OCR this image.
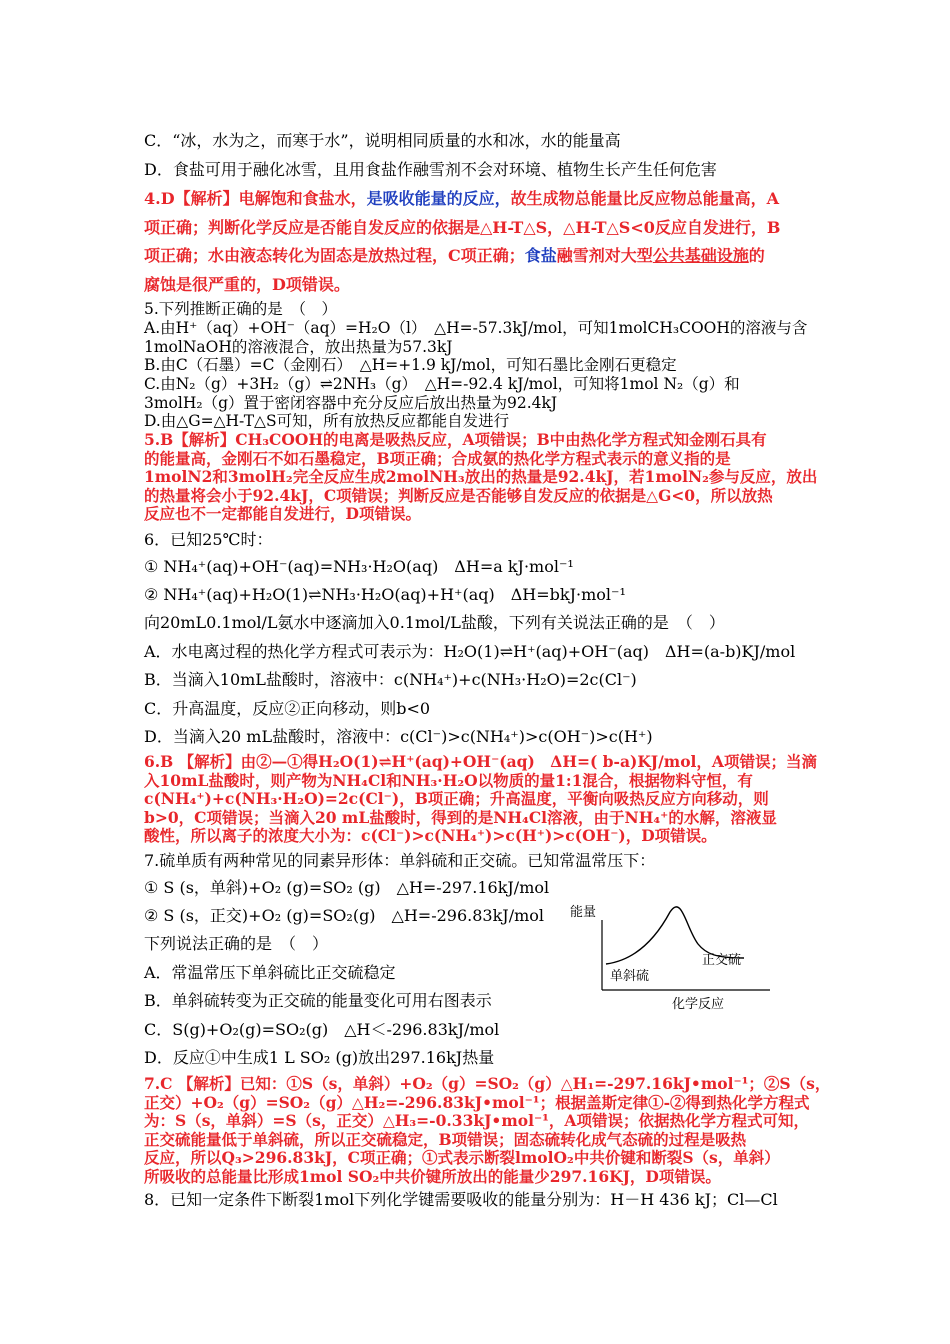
C．“冰，水为之，而寒于水”，说明相同质量的水和冰，水的能量高
D．食盐可用于融化冰雪，且用食盐作融雪剂不会对环境、植物生长产生任何危害
4.D【解析】电解饱和食盐水，是吸收能量的反应，故生成物总能量比反应物总能量高，A
项正确；判断化学反应是否能自发反应的依据是△H-T△S，△H-T△S<0反应自发进行，B
项正确；水由液态转化为固态是放热过程，C项正确；食盐融雪剂对大型公共基础设施的
腐蚀是很严重的，D项错误。
5.下列推断正确的是　（　）
A.由H⁺（aq）+OH⁻（aq）=H₂O（l）　△H=-57.3kJ/mol，可知1molCH₃COOH的溶液与含
1molNaOH的溶液混合，放出热量为57.3kJ
B.由C（石墨）=C（金刚石）　△H=+1.9 kJ/mol，可知石墨比金刚石更稳定
C.由N₂（g）+3H₂（g）⇌2NH₃（g）　△H=-92.4 kJ/mol，可知将1mol N₂（g）和
3molH₂（g）置于密闭容器中充分反应后放出热量为92.4kJ
D.由△G=△H-T△S可知，所有放热反应都能自发进行
5.B【解析】CH₃COOH的电离是吸热反应，A项错误；B中由热化学方程式知金刚石具有
的能量高，金刚石不如石墨稳定，B项正确；合成氨的热化学方程式表示的意义指的是
1molN2和3molH₂完全反应生成2molNH₃放出的热量是92.4kJ，若1molN₂参与反应，放出
的热量将会小于92.4kJ，C项错误；判断反应是否能够自发反应的依据是△G<0，所以放热
反应也不一定都能自发进行，D项错误。
6．已知25℃时：
① NH₄⁺(aq)+OH⁻(aq)=NH₃·H₂O(aq)　ΔH=a kJ·mol⁻¹
② NH₄⁺(aq)+H₂O(1)⇌NH₃·H₂O(aq)+H⁺(aq)　ΔH=bkJ·mol⁻¹
向20mL0.1mol/L氨水中逐滴加入0.1mol/L盐酸，下列有关说法正确的是　（　）
A．水电离过程的热化学方程式可表示为：H₂O(1)⇌H⁺(aq)+OH⁻(aq)　ΔH=(a-b)KJ/mol
B．当滴入10mL盐酸时，溶液中：c(NH₄⁺)+c(NH₃·H₂O)=2c(Cl⁻)
C．升高温度，反应②正向移动，则b<0
D．当滴入20 mL盐酸时，溶液中：c(Cl⁻)>c(NH₄⁺)>c(OH⁻)>c(H⁺)
6.B 【解析】由②—①得H₂O(1)⇌H⁺(aq)+OH⁻(aq)　ΔH=( b-a)KJ/mol，A项错误；当滴
入10mL盐酸时，则产物为NH₄Cl和NH₃·H₂O以物质的量1:1混合，根据物料守恒，有
c(NH₄⁺)+c(NH₃·H₂O)=2c(Cl⁻)，B项正确；升高温度，平衡向吸热反应方向移动，则
b>0，C项错误；当滴入20 mL盐酸时，得到的是NH₄Cl溶液，由于NH₄⁺的水解，溶液显
酸性，所以离子的浓度大小为：c(Cl⁻)>c(NH₄⁺)>c(H⁺)>c(OH⁻)，D项错误。
7.硫单质有两种常见的同素异形体：单斜硫和正交硫。已知常温常压下：
① S (s，单斜)+O₂ (g)=SO₂ (g)　△H=-297.16kJ/mol
② S (s，正交)+O₂ (g)=SO₂(g)　△H=-296.83kJ/mol
下列说法正确的是　（　）
A．常温常压下单斜硫比正交硫稳定
B．单斜硫转变为正交硫的能量变化可用右图表示
C．S(g)+O₂(g)=SO₂(g)　△H＜-296.83kJ/mol
D．反应①中生成1 L SO₂ (g)放出297.16kJ热量
能量
单斜硫
正交硫
化学反应
7.C 【解析】已知：①S（s，单斜）+O₂（g）=SO₂（g）△H₁=-297.16kJ•mol⁻¹；②S（s，
正交）+O₂（g）=SO₂（g）△H₂=-296.83kJ•mol⁻¹；根据盖斯定律①-②得到热化学方程式
为：S（s，单斜）=S（s，正交）△H₃=-0.33kJ•mol⁻¹，A项错误；依据热化学方程式可知，
正交硫能量低于单斜硫，所以正交硫稳定，B项错误；固态硫转化成气态硫的过程是吸热
反应，所以Q₃>296.83kJ，C项正确；①式表示断裂lmolO₂中共价键和断裂S（s，单斜）
所吸收的总能量比形成1mol SO₂中共价键所放出的能量少297.16KJ，D项错误。
8．已知一定条件下断裂1mol下列化学键需要吸收的能量分别为：H－H 436 kJ；Cl—Cl
